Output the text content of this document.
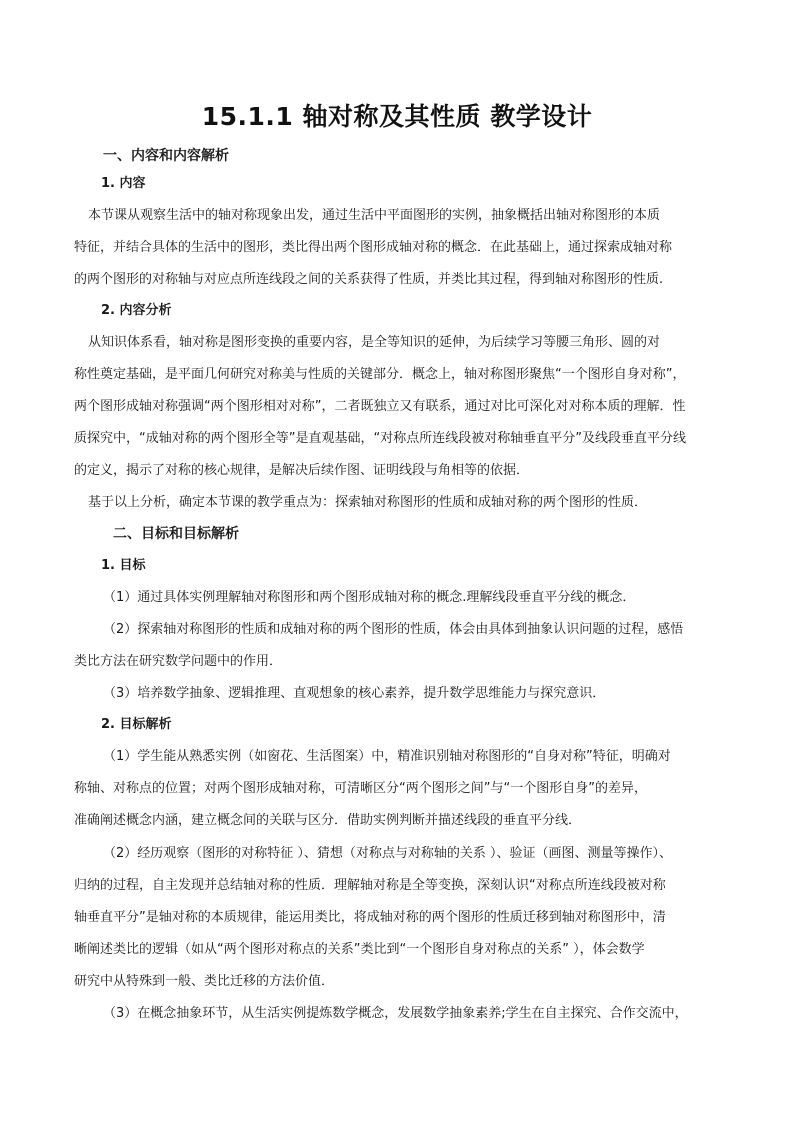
15.1.1 轴对称及其性质 教学设计
一、内容和内容解析
1. 内容
本节课从观察生活中的轴对称现象出发，通过生活中平面图形的实例，抽象概括出轴对称图形的本质
特征，并结合具体的生活中的图形，类比得出两个图形成轴对称的概念．在此基础上，通过探索成轴对称
的两个图形的对称轴与对应点所连线段之间的关系获得了性质，并类比其过程，得到轴对称图形的性质.
2. 内容分析
从知识体系看，轴对称是图形变换的重要内容，是全等知识的延伸，为后续学习等腰三角形、圆的对
称性奠定基础，是平面几何研究对称美与性质的关键部分．概念上，轴对称图形聚焦“一个图形自身对称”，
两个图形成轴对称强调“两个图形相对对称”，二者既独立又有联系，通过对比可深化对对称本质的理解．性
质探究中，“成轴对称的两个图形全等”是直观基础，“对称点所连线段被对称轴垂直平分”及线段垂直平分线
的定义，揭示了对称的核心规律，是解决后续作图、证明线段与角相等的依据．
基于以上分析，确定本节课的教学重点为：探索轴对称图形的性质和成轴对称的两个图形的性质．
二、目标和目标解析
1. 目标
（1）通过具体实例理解轴对称图形和两个图形成轴对称的概念.理解线段垂直平分线的概念．
（2）探索轴对称图形的性质和成轴对称的两个图形的性质，体会由具体到抽象认识问题的过程，感悟
类比方法在研究数学问题中的作用．
（3）培养数学抽象、逻辑推理、直观想象的核心素养，提升数学思维能力与探究意识．
2. 目标解析
（1）学生能从熟悉实例（如窗花、生活图案）中，精准识别轴对称图形的“自身对称”特征，明确对
称轴、对称点的位置；对两个图形成轴对称，可清晰区分“两个图形之间”与“一个图形自身”的差异，
准确阐述概念内涵，建立概念间的关联与区分．借助实例判断并描述线段的垂直平分线．
（2）经历观察（图形的对称特征 ）、猜想（对称点与对称轴的关系 ）、验证（画图、测量等操作）、
归纳的过程，自主发现并总结轴对称的性质．理解轴对称是全等变换，深刻认识“对称点所连线段被对称
轴垂直平分”是轴对称的本质规律，能运用类比，将成轴对称的两个图形的性质迁移到轴对称图形中，清
晰阐述类比的逻辑（如从“两个图形对称点的关系”类比到“一个图形自身对称点的关系” ），体会数学
研究中从特殊到一般、类比迁移的方法价值．
（3）在概念抽象环节，从生活实例提炼数学概念，发展数学抽象素养;学生在自主探究、合作交流中，
